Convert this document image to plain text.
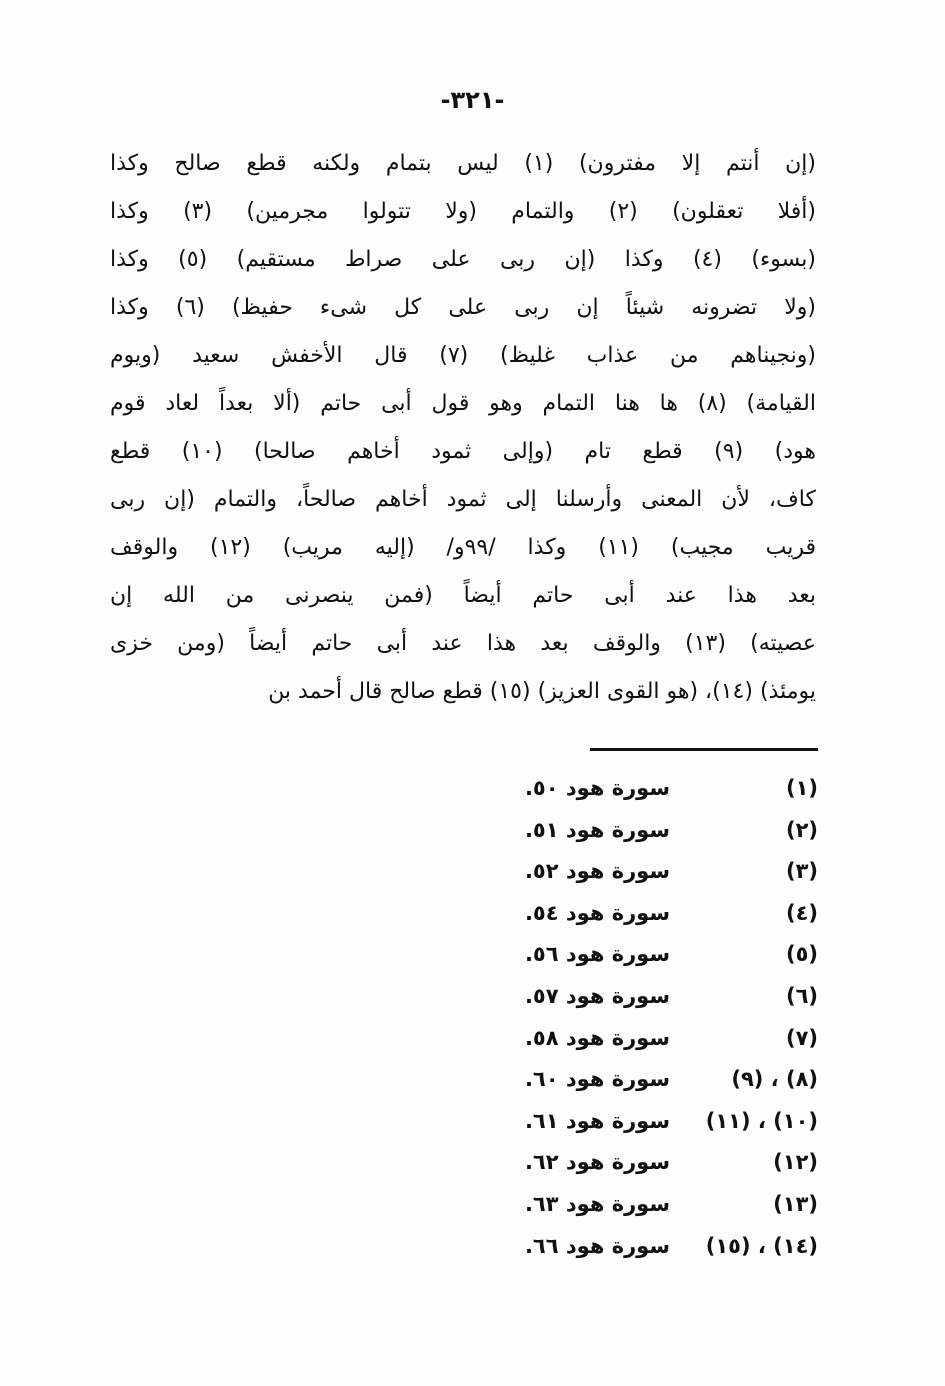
-٣٢١-
(إن أنتم إلا مفترون) (١) ليس بتمام ولكنه قطع صالح وكذا
(أفلا تعقلون) (٢) والتمام (ولا تتولوا مجرمين) (٣) وكذا
(بسوء) (٤) وكذا (إن ربى على صراط مستقيم) (٥) وكذا
(ولا تضرونه شيئاً إن ربى على كل شىء حفيظ) (٦) وكذا
(ونجيناهم من عذاب غليظ) (٧) قال الأخفش سعيد (ويوم
القيامة) (٨) ها هنا التمام وهو قول أبى حاتم (ألا بعداً لعاد قوم
هود) (٩) قطع تام (وإلى ثمود أخاهم صالحا) (١٠) قطع
كاف، لأن المعنى وأرسلنا إلى ثمود أخاهم صالحاً، والتمام (إن ربى
قريب مجيب) (١١) وكذا /٩٩و/ (إليه مريب) (١٢) والوقف
بعد هذا عند أبى حاتم أيضاً (فمن ينصرنى من الله إن
عصيته) (١٣) والوقف بعد هذا عند أبى حاتم أيضاً (ومن خزى
يومئذ) (١٤)، (هو القوى العزيز) (١٥) قطع صالح قال أحمد بن
(١)
سورة هود ٥٠.
(٢)
سورة هود ٥١.
(٣)
سورة هود ٥٢.
(٤)
سورة هود ٥٤.
(٥)
سورة هود ٥٦.
(٦)
سورة هود ٥٧.
(٧)
سورة هود ٥٨.
(٨) ، (٩)
سورة هود ٦٠.
(١٠) ، (١١)
سورة هود ٦١.
(١٢)
سورة هود ٦٢.
(١٣)
سورة هود ٦٣.
(١٤) ، (١٥)
سورة هود ٦٦.
